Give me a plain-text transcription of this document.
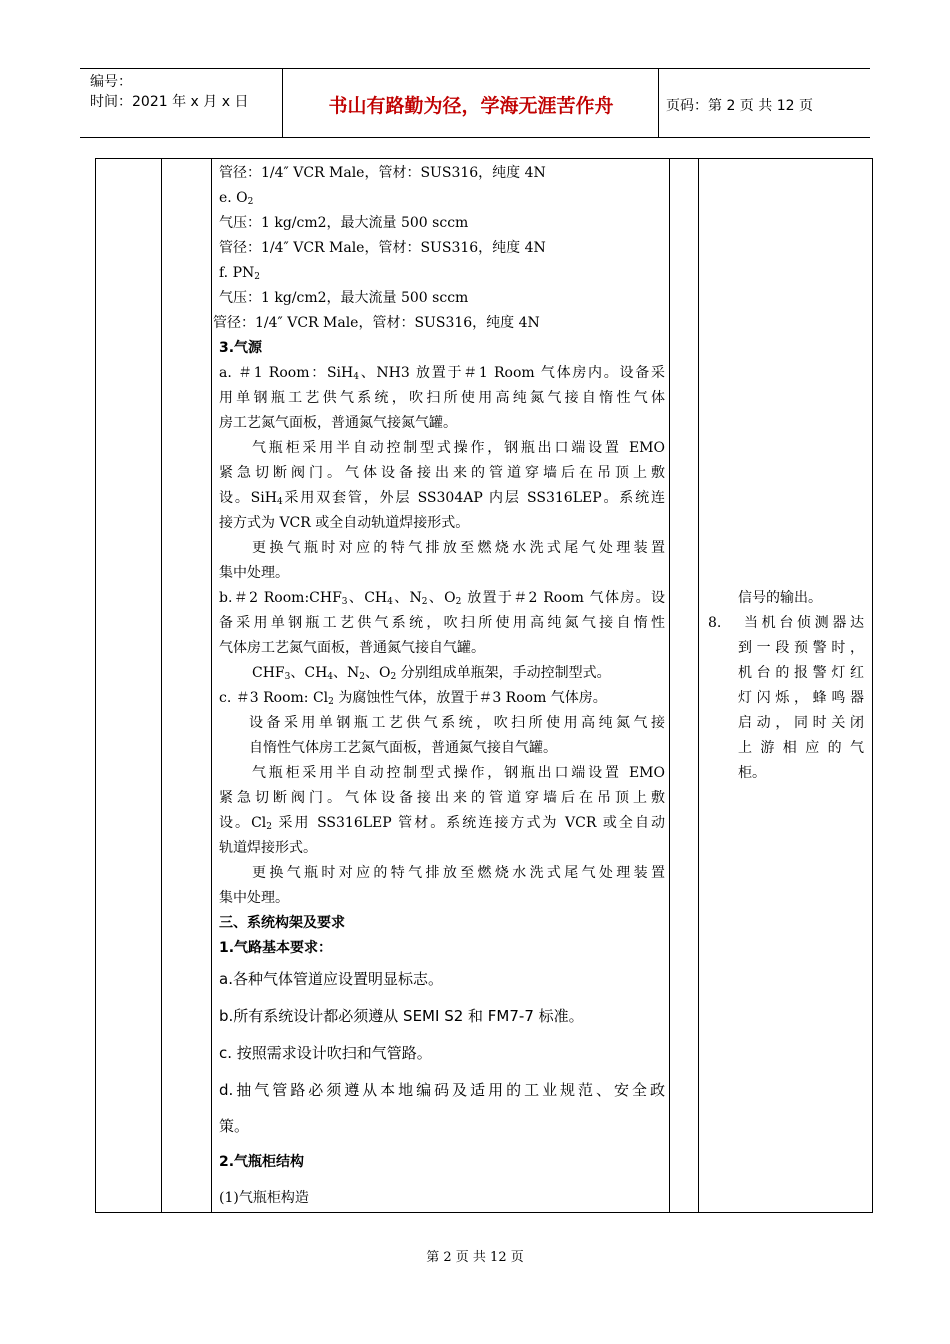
编号：
时间：2021 年 x 月 x 日	书山有路勤为径，学海无涯苦作舟	页码：第 2 页 共 12 页
管径：1/4″ VCR Male，管材：SUS316，纯度 4N
e. $O_2$
气压：1 kg/cm2，最大流量 500 sccm
管径：1/4″ VCR Male，管材：SUS316，纯度 4N
f. $PN_2$
气压：1 kg/cm2，最大流量 500 sccm
管径：1/4″ VCR Male，管材：SUS316，纯度 4N
3.气源
a. ＃1 Room：SiH$_4$、NH3 放置于＃1 Room 气体房内。设备采
用单钢瓶工艺供气系统，吹扫所使用高纯氮气接自惰性气体
房工艺氮气面板，普通氮气接氮气罐。
气瓶柜采用半自动控制型式操作，钢瓶出口端设置 EMO
紧急切断阀门。气体设备接出来的管道穿墙后在吊顶上敷
设。SiH$_4$采用双套管，外层 SS304AP 内层 SS316LEP。系统连
接方式为 VCR 或全自动轨道焊接形式。
更换气瓶时对应的特气排放至燃烧水洗式尾气处理装置
集中处理。
b.＃2 $Room:CHF_3$、$CH_4$、$N_2$、$O_2$ 放置于＃2 Room 气体房。设
备采用单钢瓶工艺供气系统，吹扫所使用高纯氮气接自惰性
气体房工艺氮气面板，普通氮气接自气罐。
$CHF_3$、$CH_4$、$N_2$、$O_2$ 分别组成单瓶架，手动控制型式。
c. ＃3 Room: $Cl_2$ 为腐蚀性气体，放置于＃3 Room 气体房。
设备采用单钢瓶工艺供气系统，吹扫所使用高纯氮气接
自惰性气体房工艺氮气面板，普通氮气接自气罐。
气瓶柜采用半自动控制型式操作，钢瓶出口端设置 EMO
紧急切断阀门。气体设备接出来的管道穿墙后在吊顶上敷
设。$Cl_2$ 采用 SS316LEP 管材。系统连接方式为 VCR 或全自动
轨道焊接形式。
更换气瓶时对应的特气排放至燃烧水洗式尾气处理装置
集中处理。
三、系统构架及要求
1.气路基本要求：
a.各种气体管道应设置明显标志。
b.所有系统设计都必须遵从 SEMI S2 和 FM7-7 标准。
c. 按照需求设计吹扫和气管路。
d.抽气管路必须遵从本地编码及适用的工业规范、安全政
策。
2.气瓶柜结构
(1)气瓶柜构造
8.
信号的输出。
当机台侦测器达
到一段预警时，
机台的报警灯红
灯闪烁，蜂鸣器
启动，同时关闭
上游相应的气
柜。
第 2 页 共 12 页
